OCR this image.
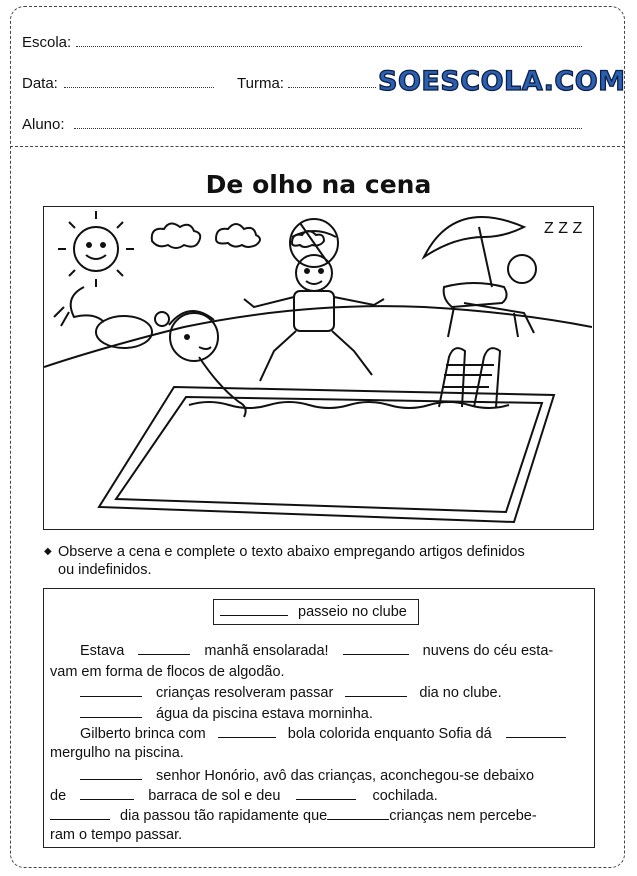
Escola:
Data:	Turma:	SOESCOLA.COM
Aluno:
De olho na cena
Z Z Z
◆ Observe a cena e complete o texto abaixo empregando artigos definidos
ou indefinidos.
passeio no clube
Estava	manhã ensolarada!	nuvens do céu esta-
vam em forma de flocos de algodão.
crianças resolveram passar	dia no clube.
água da piscina estava morninha.
Gilberto brinca com	bola colorida enquanto Sofia dá
mergulho na piscina.
senhor Honório, avô das crianças, aconchegou-se debaixo
de	barraca de sol e deu	cochilada.
dia passou tão rapidamente que	crianças nem percebe-
ram o tempo passar.
